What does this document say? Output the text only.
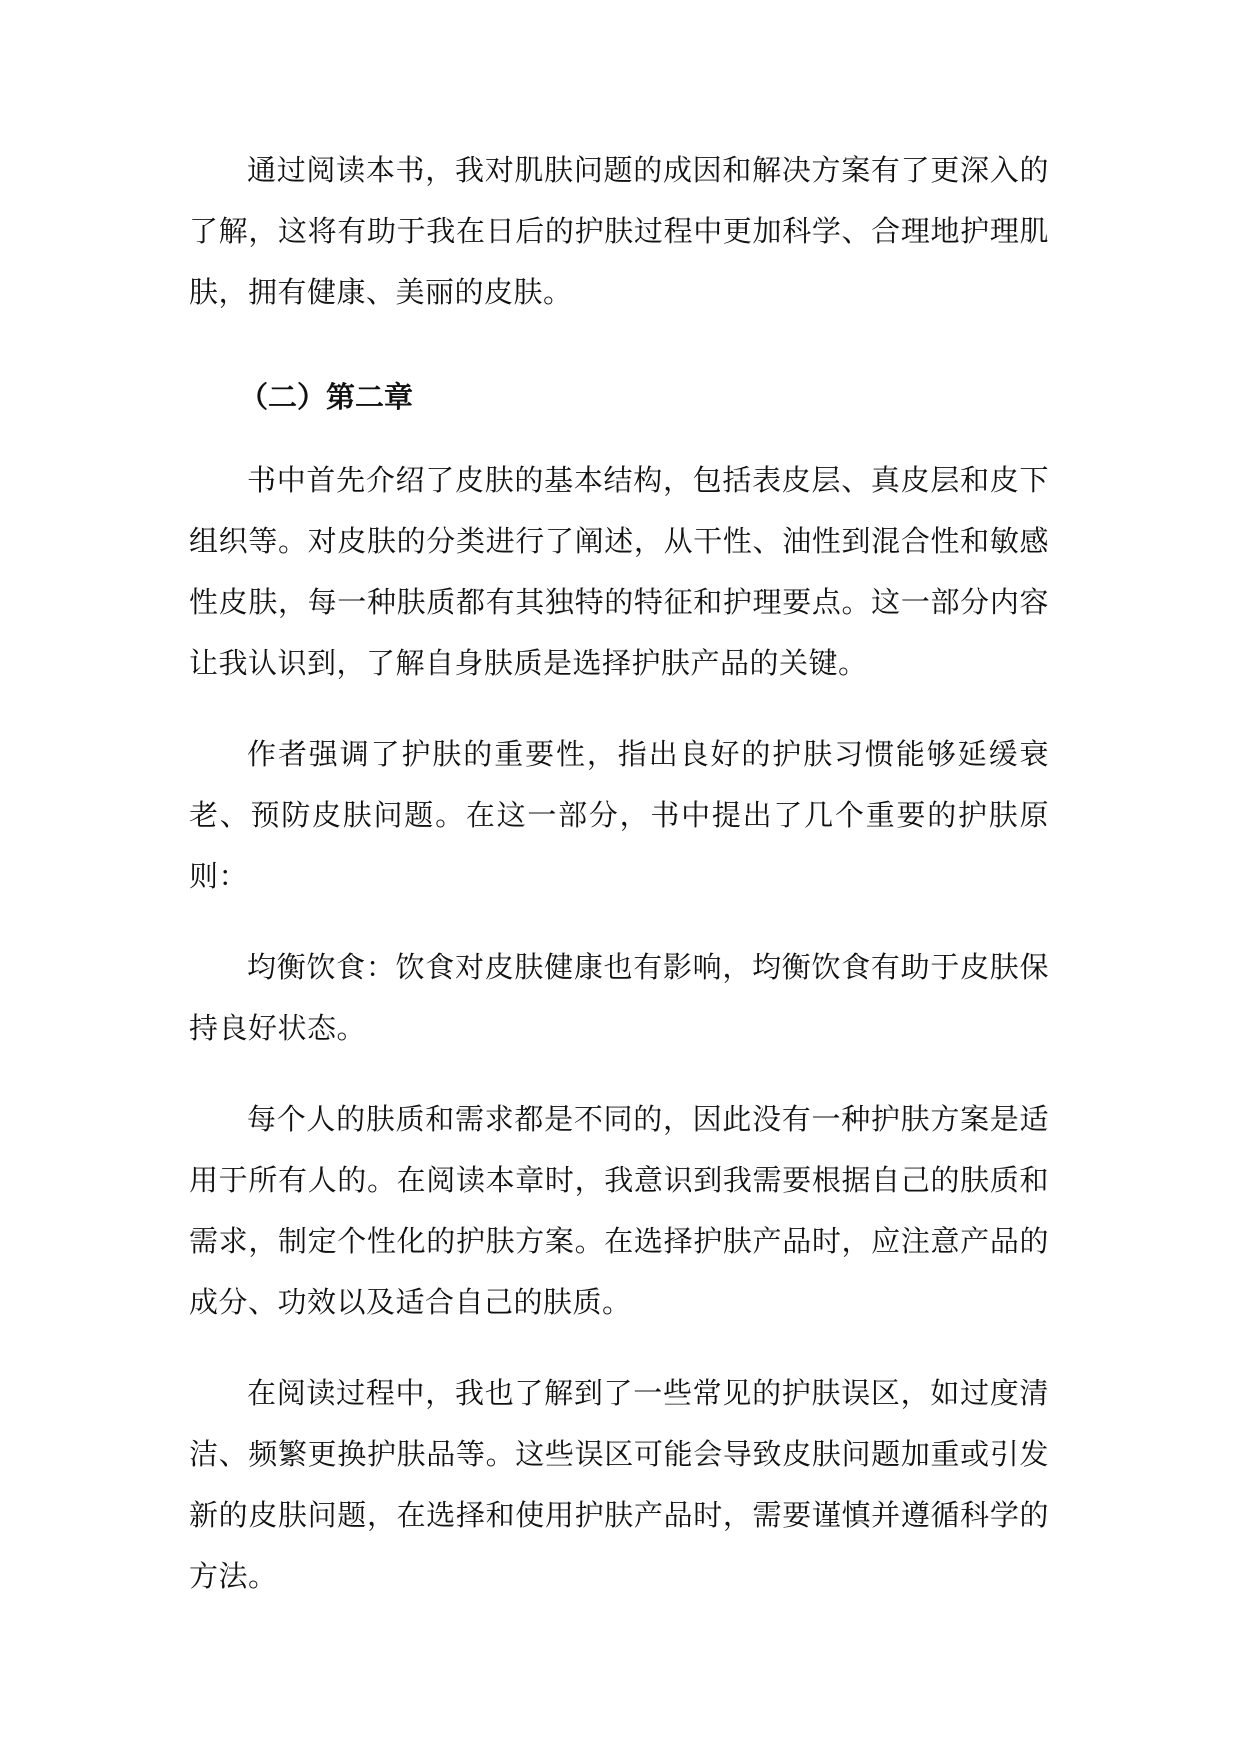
通过阅读本书，我对肌肤问题的成因和解决方案有了更深入的了解，这将有助于我在日后的护肤过程中更加科学、合理地护理肌肤，拥有健康、美丽的皮肤。

（二）第二章

书中首先介绍了皮肤的基本结构，包括表皮层、真皮层和皮下组织等。对皮肤的分类进行了阐述，从干性、油性到混合性和敏感性皮肤，每一种肤质都有其独特的特征和护理要点。这一部分内容让我认识到，了解自身肤质是选择护肤产品的关键。

作者强调了护肤的重要性，指出良好的护肤习惯能够延缓衰老、预防皮肤问题。在这一部分，书中提出了几个重要的护肤原则：

均衡饮食：饮食对皮肤健康也有影响，均衡饮食有助于皮肤保持良好状态。

每个人的肤质和需求都是不同的，因此没有一种护肤方案是适用于所有人的。在阅读本章时，我意识到我需要根据自己的肤质和需求，制定个性化的护肤方案。在选择护肤产品时，应注意产品的成分、功效以及适合自己的肤质。

在阅读过程中，我也了解到了一些常见的护肤误区，如过度清洁、频繁更换护肤品等。这些误区可能会导致皮肤问题加重或引发新的皮肤问题，在选择和使用护肤产品时，需要谨慎并遵循科学的方法。
